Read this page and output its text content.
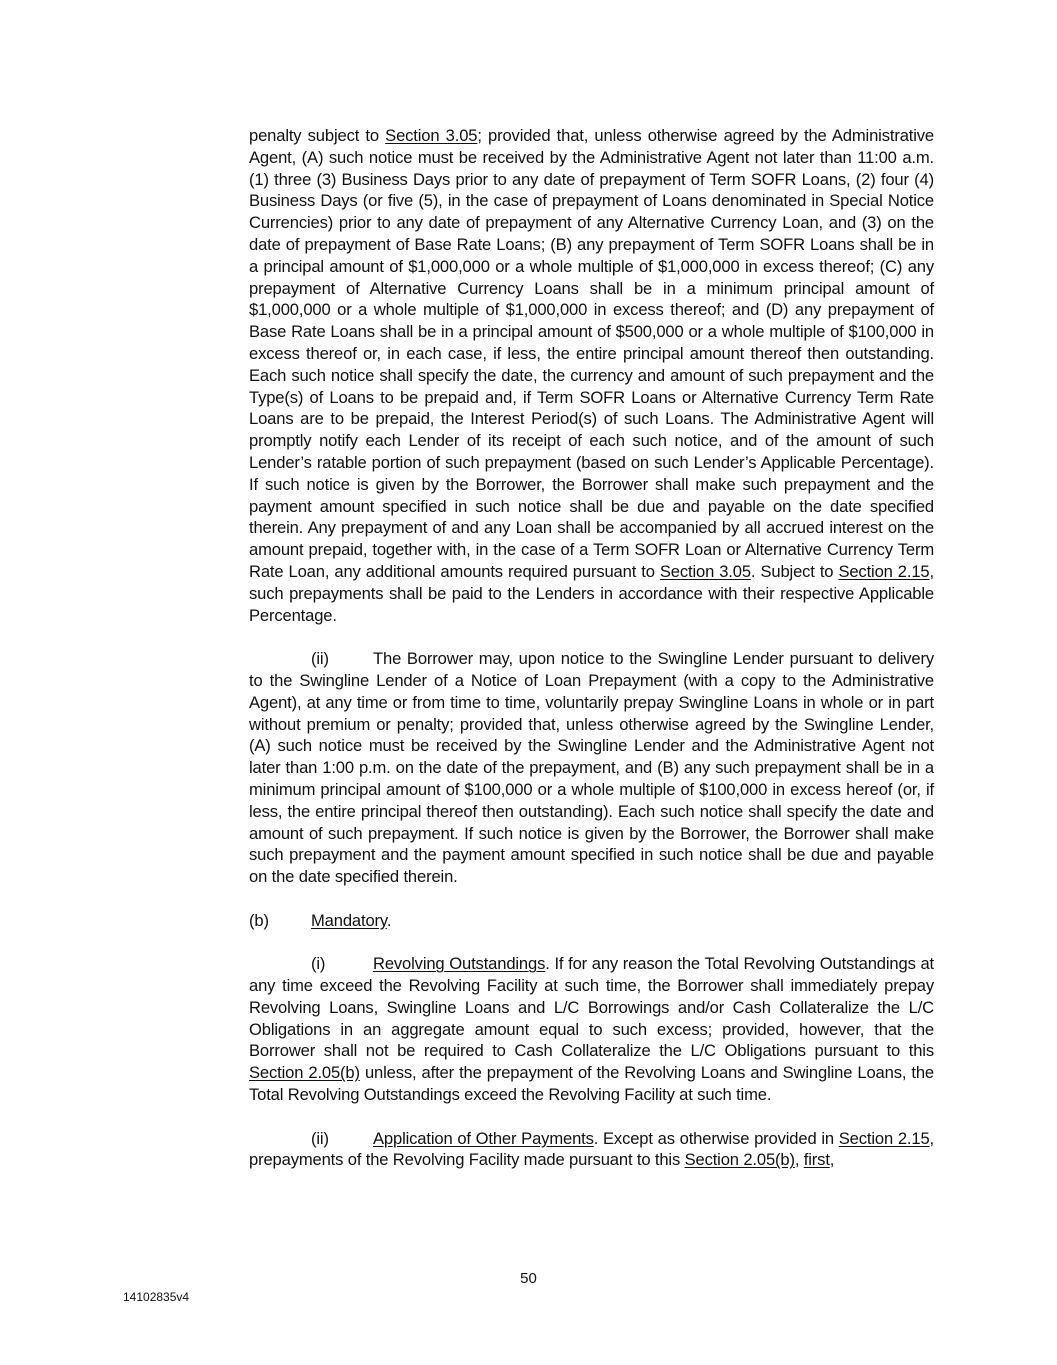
penalty subject to Section 3.05; provided that, unless otherwise agreed by the Administrative Agent, (A) such notice must be received by the Administrative Agent not later than 11:00 a.m. (1) three (3) Business Days prior to any date of prepayment of Term SOFR Loans, (2) four (4) Business Days (or five (5), in the case of prepayment of Loans denominated in Special Notice Currencies) prior to any date of prepayment of any Alternative Currency Loan, and (3) on the date of prepayment of Base Rate Loans; (B) any prepayment of Term SOFR Loans shall be in a principal amount of $1,000,000 or a whole multiple of $1,000,000 in excess thereof; (C) any prepayment of Alternative Currency Loans shall be in a minimum principal amount of $1,000,000 or a whole multiple of $1,000,000 in excess thereof; and (D) any prepayment of Base Rate Loans shall be in a principal amount of $500,000 or a whole multiple of $100,000 in excess thereof or, in each case, if less, the entire principal amount thereof then outstanding. Each such notice shall specify the date, the currency and amount of such prepayment and the Type(s) of Loans to be prepaid and, if Term SOFR Loans or Alternative Currency Term Rate Loans are to be prepaid, the Interest Period(s) of such Loans. The Administrative Agent will promptly notify each Lender of its receipt of each such notice, and of the amount of such Lender’s ratable portion of such prepayment (based on such Lender’s Applicable Percentage). If such notice is given by the Borrower, the Borrower shall make such prepayment and the payment amount specified in such notice shall be due and payable on the date specified therein. Any prepayment of and any Loan shall be accompanied by all accrued interest on the amount prepaid, together with, in the case of a Term SOFR Loan or Alternative Currency Term Rate Loan, any additional amounts required pursuant to Section 3.05. Subject to Section 2.15, such prepayments shall be paid to the Lenders in accordance with their respective Applicable Percentage.

(ii)	The Borrower may, upon notice to the Swingline Lender pursuant to delivery to the Swingline Lender of a Notice of Loan Prepayment (with a copy to the Administrative Agent), at any time or from time to time, voluntarily prepay Swingline Loans in whole or in part without premium or penalty; provided that, unless otherwise agreed by the Swingline Lender, (A) such notice must be received by the Swingline Lender and the Administrative Agent not later than 1:00 p.m. on the date of the prepayment, and (B) any such prepayment shall be in a minimum principal amount of $100,000 or a whole multiple of $100,000 in excess hereof (or, if less, the entire principal thereof then outstanding). Each such notice shall specify the date and amount of such prepayment. If such notice is given by the Borrower, the Borrower shall make such prepayment and the payment amount specified in such notice shall be due and payable on the date specified therein.

(b)	Mandatory.

(i)	Revolving Outstandings. If for any reason the Total Revolving Outstandings at any time exceed the Revolving Facility at such time, the Borrower shall immediately prepay Revolving Loans, Swingline Loans and L/C Borrowings and/or Cash Collateralize the L/C Obligations in an aggregate amount equal to such excess; provided, however, that the Borrower shall not be required to Cash Collateralize the L/C Obligations pursuant to this Section 2.05(b) unless, after the prepayment of the Revolving Loans and Swingline Loans, the Total Revolving Outstandings exceed the Revolving Facility at such time.

(ii)	Application of Other Payments. Except as otherwise provided in Section 2.15, prepayments of the Revolving Facility made pursuant to this Section 2.05(b), first,

50
14102835v4
